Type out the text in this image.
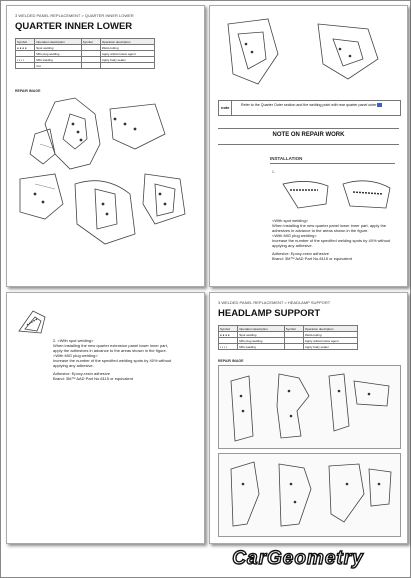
3 WELDED PANEL REPLACEMENT > QUARTER INNER LOWER
QUARTER INNER LOWER
Symbol	Operation description	Symbol	Operation description
● ● ● ●	Spot welding		Weld-cutting
	MIG plug welding		Apply anticorrosive agent
▪ ▪ ▪ ▪	MIG welding		Apply body sealer
	Cut		
REPAIR IMAGE
note	Refer to the Quarter Outer section and the welding point with rear quarter panel outer
NOTE ON REPAIR WORK
INSTALLATION
1.
<With spot welding>
When installing the new quarter panel lower inner part, apply the
adhesives in advance to the areas shown in the figure.
<With MIG plug welding>
Increase the number of the specified welding spots by 40% without
applying any adhesive.
Adhesive: Epoxy-resin adhesive
Brand: 3M™ AAD Part No.8115 or equivalent
2. <With spot welding>
When installing the new quarter extension panel lower inner part,
apply the adhesives in advance to the areas shown in the figure.
<With MIG plug welding>
Increase the number of the specified welding spots by 40% without
applying any adhesive.
Adhesive: Epoxy-resin adhesive
Brand: 3M™ AAD Part No.8115 or equivalent
3 WELDED PANEL REPLACEMENT > HEADLAMP SUPPORT
HEADLAMP SUPPORT
Symbol	Operation description	Symbol	Operation description
● ● ● ●	Spot welding		Weld-cutting
	MIG plug welding		Apply anticorrosive agent
▪ ▪ ▪ ▪	MIG welding		Apply body sealer
REPAIR IMAGE
CarGeometry
